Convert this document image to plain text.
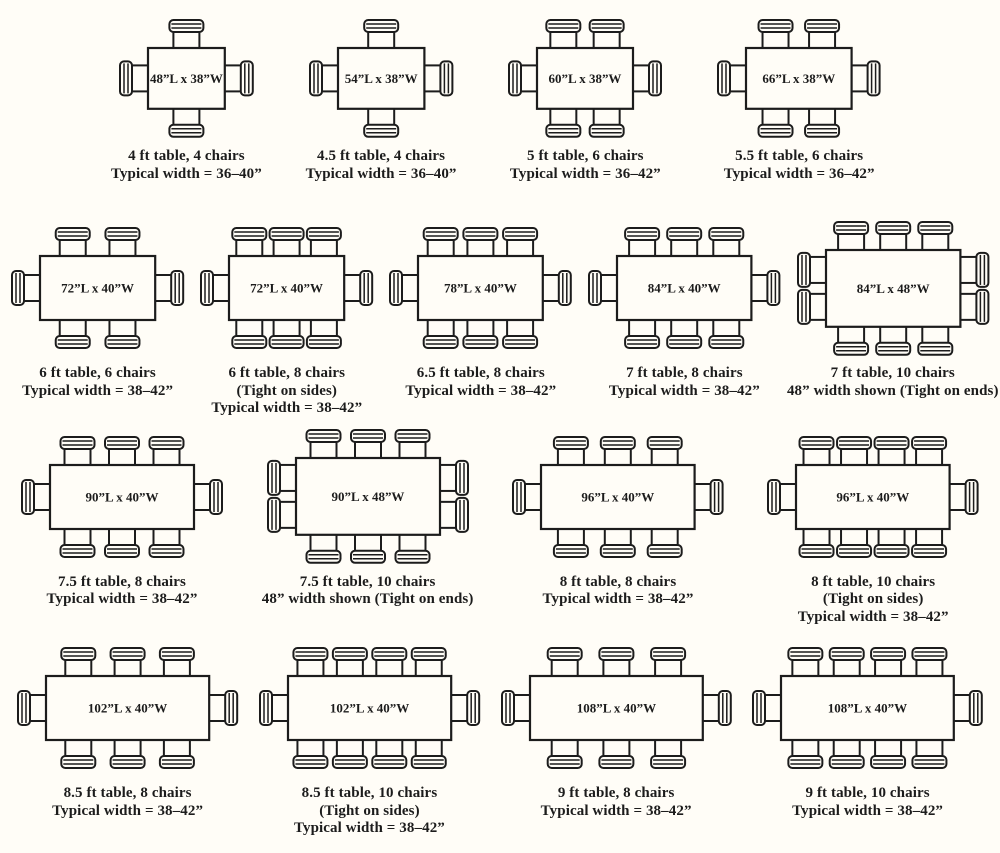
48”L x 38”W
4 ft table, 4 chairs
Typical width = 36–40”
54”L x 38”W
4.5 ft table, 4 chairs
Typical width = 36–40”
60”L x 38”W
5 ft table, 6 chairs
Typical width = 36–42”
66”L x 38”W
5.5 ft table, 6 chairs
Typical width = 36–42”
72”L x 40”W
6 ft table, 6 chairs
Typical width = 38–42”
72”L x 40”W
6 ft table, 8 chairs
(Tight on sides)
Typical width = 38–42”
78”L x 40”W
6.5 ft table, 8 chairs
Typical width = 38–42”
84”L x 40”W
7 ft table, 8 chairs
Typical width = 38–42”
84”L x 48”W
7 ft table, 10 chairs
48” width shown (Tight on ends)
90”L x 40”W
7.5 ft table, 8 chairs
Typical width = 38–42”
90”L x 48”W
7.5 ft table, 10 chairs
48” width shown (Tight on ends)
96”L x 40”W
8 ft table, 8 chairs
Typical width = 38–42”
96”L x 40”W
8 ft table, 10 chairs
(Tight on sides)
Typical width = 38–42”
102”L x 40”W
8.5 ft table, 8 chairs
Typical width = 38–42”
102”L x 40”W
8.5 ft table, 10 chairs
(Tight on sides)
Typical width = 38–42”
108”L x 40”W
9 ft table, 8 chairs
Typical width = 38–42”
108”L x 40”W
9 ft table, 10 chairs
Typical width = 38–42”
